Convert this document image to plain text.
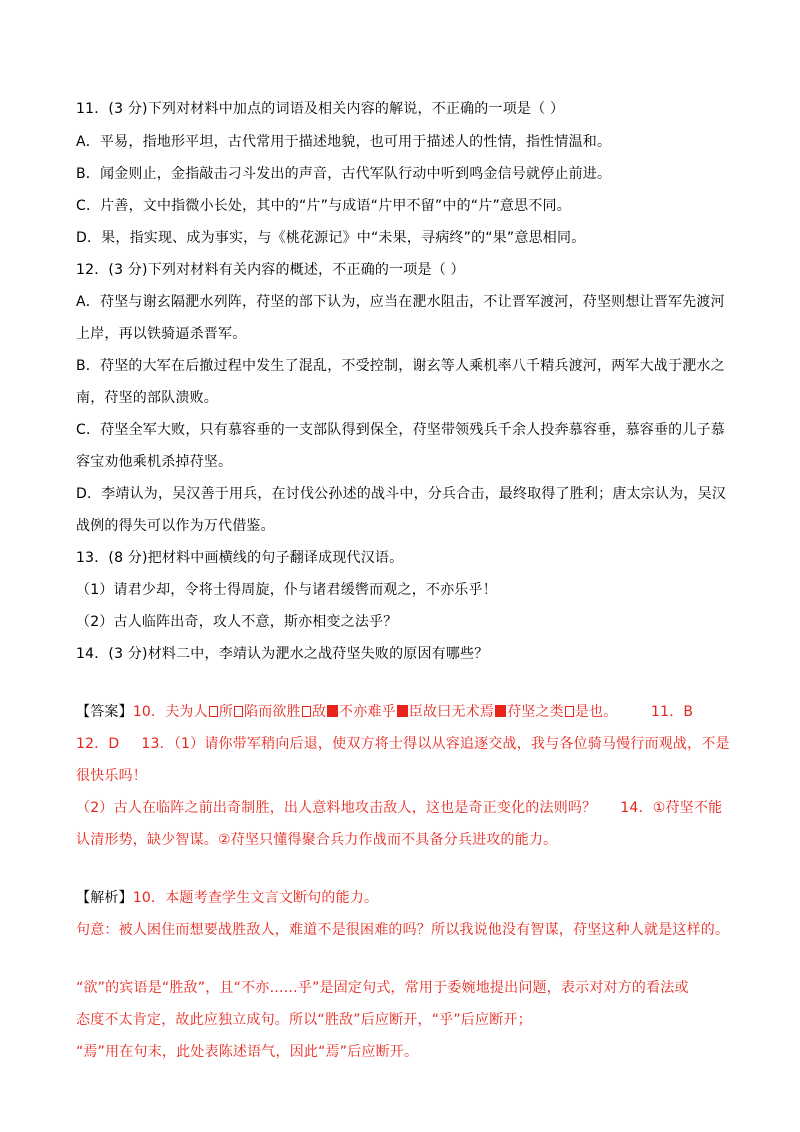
11．(3 分)下列对材料中加点的词语及相关内容的解说，不正确的一项是（ ）
A．平易，指地形平坦，古代常用于描述地貌，也可用于描述人的性情，指性情温和。
B．闻金则止，金指敲击刁斗发出的声音，古代军队行动中听到鸣金信号就停止前进。
C．片善，文中指微小长处，其中的“片”与成语“片甲不留”中的“片”意思不同。
D．果，指实现、成为事实，与《桃花源记》中“未果，寻病终”的“果”意思相同。
12．(3 分)下列对材料有关内容的概述，不正确的一项是（ ）
A．苻坚与谢玄隔淝水列阵，苻坚的部下认为，应当在淝水阻击，不让晋军渡河，苻坚则想让晋军先渡河
上岸，再以铁骑逼杀晋军。
B．苻坚的大军在后撤过程中发生了混乱，不受控制，谢玄等人乘机率八千精兵渡河，两军大战于淝水之
南，苻坚的部队溃败。
C．苻坚全军大败，只有慕容垂的一支部队得到保全，苻坚带领残兵千余人投奔慕容垂，慕容垂的儿子慕
容宝劝他乘机杀掉苻坚。
D．李靖认为，吴汉善于用兵，在讨伐公孙述的战斗中，分兵合击，最终取得了胜利；唐太宗认为，吴汉
战例的得失可以作为万代借鉴。
13．(8 分)把材料中画横线的句子翻译成现代汉语。
（1）请君少却，令将士得周旋，仆与诸君缓辔而观之，不亦乐乎！
（2）古人临阵出奇，攻人不意，斯亦相变之法乎？
14．(3 分)材料二中，李靖认为淝水之战苻坚失败的原因有哪些？
【答案】10．夫为人 所 陷而欲胜 敌 不亦难乎 臣故曰无术焉 苻坚之类 是也。 11．B
12．D 13．（1）请你带军稍向后退，使双方将士得以从容追逐交战，我与各位骑马慢行而观战，不是
很快乐吗！
（2）古人在临阵之前出奇制胜，出人意料地攻击敌人，这也是奇正变化的法则吗？ 14．①苻坚不能
认清形势，缺少智谋。②苻坚只懂得聚合兵力作战而不具备分兵进攻的能力。
【解析】10．本题考查学生文言文断句的能力。
句意：被人困住而想要战胜敌人，难道不是很困难的吗？所以我说他没有智谋，苻坚这种人就是这样的。
“欲”的宾语是“胜敌”，且“不亦……乎”是固定句式，常用于委婉地提出问题，表示对对方的看法或
态度不太肯定，故此应独立成句。所以“胜敌”后应断开，“乎”后应断开；
“焉”用在句末，此处表陈述语气，因此“焉”后应断开。
